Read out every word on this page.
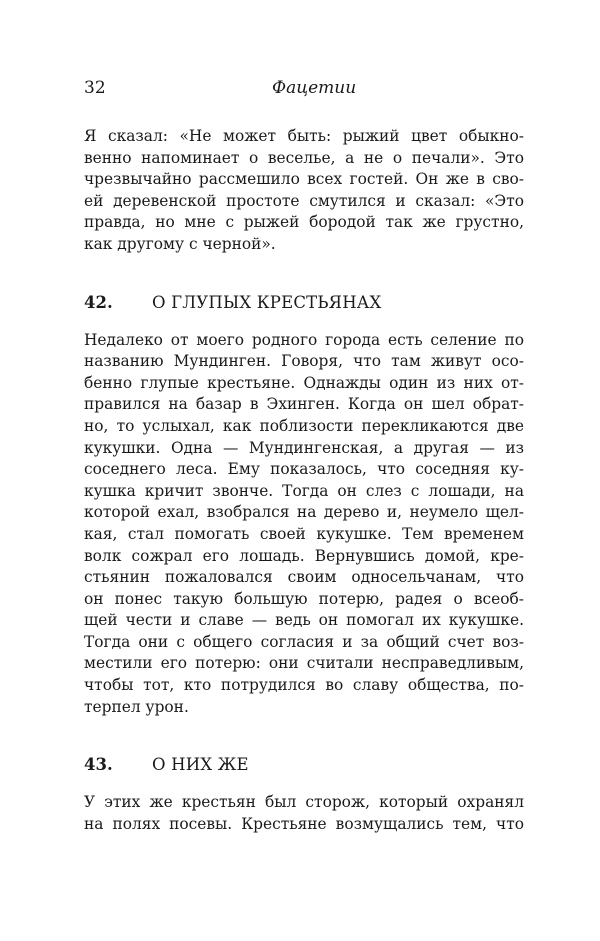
32	Фацетии
Я сказал: «Не может быть: рыжий цвет обыкно-
венно напоминает о веселье, а не о печали». Это
чрезвычайно рассмешило всех гостей. Он же в сво-
ей деревенской простоте смутился и сказал: «Это
правда, но мне с рыжей бородой так же грустно,
как другому с черной».
42.	О ГЛУПЫХ КРЕСТЬЯНАХ
Недалеко от моего родного города есть селение по
названию Мундинген. Говоря, что там живут осо-
бенно глупые крестьяне. Однажды один из них от-
правился на базар в Эхинген. Когда он шел обрат-
но, то услыхал, как поблизости перекликаются две
кукушки. Одна — Мундингенская, а другая — из
соседнего леса. Ему показалось, что соседняя ку-
кушка кричит звонче. Тогда он слез с лошади, на
которой ехал, взобрался на дерево и, неумело щел-
кая, стал помогать своей кукушке. Тем временем
волк сожрал его лошадь. Вернувшись домой, кре-
стьянин пожаловался своим односельчанам, что
он понес такую большую потерю, радея о всеоб-
щей чести и славе — ведь он помогал их кукушке.
Тогда они с общего согласия и за общий счет воз-
местили его потерю: они считали несправедливым,
чтобы тот, кто потрудился во славу общества, по-
терпел урон.
43.	О НИХ ЖЕ
У этих же крестьян был сторож, который охранял
на полях посевы. Крестьяне возмущались тем, что
